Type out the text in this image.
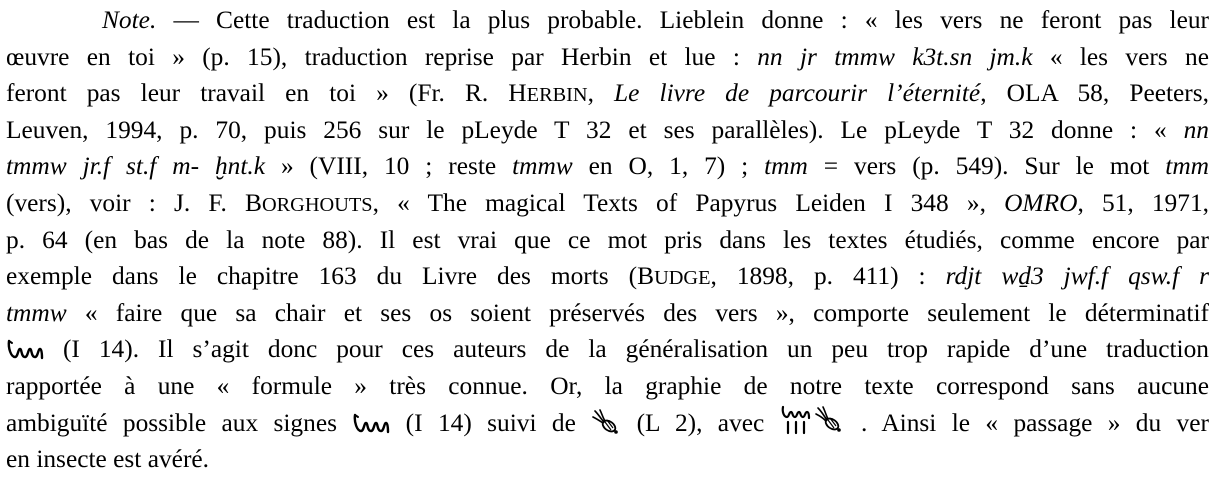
Note. — Cette traduction est la plus probable. Lieblein donne : « les vers ne feront pas leur
œuvre en toi » (p. 15), traduction reprise par Herbin et lue : nn jr tmmw k3t.sn jm.k « les vers ne
feront pas leur travail en toi » (Fr. R. HERBIN, Le livre de parcourir l’éternité, OLA 58, Peeters,
Leuven, 1994, p. 70, puis 256 sur le pLeyde T 32 et ses parallèles). Le pLeyde T 32 donne : « nn
tmmw jr.f st.f m- ḫnt.k » (VIII, 10 ; reste tmmw en O, 1, 7) ; tmm = vers (p. 549). Sur le mot tmm
(vers), voir : J. F. BORGHOUTS, « The magical Texts of Papyrus Leiden I 348 », OMRO, 51, 1971,
p. 64 (en bas de la note 88). Il est vrai que ce mot pris dans les textes étudiés, comme encore par
exemple dans le chapitre 163 du Livre des morts (BUDGE, 1898, p. 411) : rdjt wḏ3 jwf.f qsw.f r
tmmw « faire que sa chair et ses os soient préservés des vers », comporte seulement le déterminatif
(I 14). Il s’agit donc pour ces auteurs de la généralisation un peu trop rapide d’une traduction
rapportée à une « formule » très connue. Or, la graphie de notre texte correspond sans aucune
ambiguïté possible aux signes
(I 14) suivi de
(L 2), avec	. Ainsi le « passage » du ver
en insecte est avéré.
